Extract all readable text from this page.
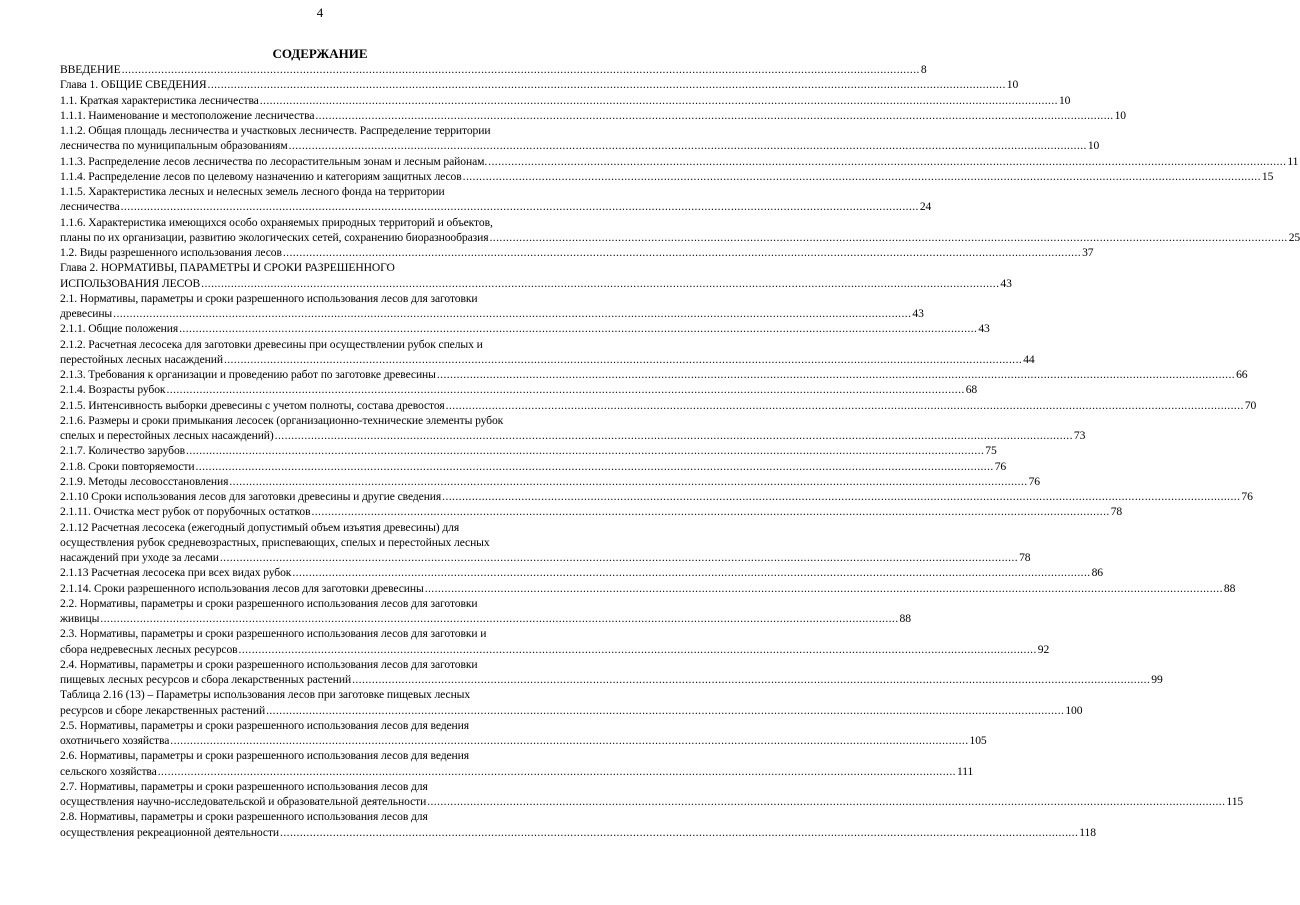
4
СОДЕРЖАНИЕ
ВВЕДЕНИЕ .....	8
Глава 1. ОБЩИЕ СВЕДЕНИЯ .....	10
1.1. Краткая характеристика лесничества .....	10
1.1.1. Наименование и местоположение лесничества .....	10
1.1.2. Общая площадь лесничества и участковых лесничеств. Распределение территории
лесничества по муниципальным образованиям .....	10
1.1.3. Распределение лесов лесничества по лесорастительным зонам и лесным районам. .....	11
1.1.4. Распределение лесов по целевому назначению и категориям защитных лесов .....	15
1.1.5. Характеристика лесных и нелесных земель лесного фонда на территории
лесничества .....	24
1.1.6. Характеристика имеющихся особо охраняемых природных территорий и объектов,
планы по их организации, развитию экологических сетей, сохранению биоразнообразия .....	25
1.2. Виды разрешенного использования лесов .....	37
Глава 2. НОРМАТИВЫ, ПАРАМЕТРЫ И СРОКИ РАЗРЕШЕННОГО
ИСПОЛЬЗОВАНИЯ ЛЕСОВ .....	43
2.1. Нормативы, параметры и сроки разрешенного использования лесов для заготовки
древесины .....	43
2.1.1. Общие положения .....	43
2.1.2. Расчетная лесосека для заготовки древесины при осуществлении рубок спелых и
перестойных лесных насаждений .....	44
2.1.3. Требования к организации и проведению работ по заготовке древесины .....	66
2.1.4. Возрасты рубок .....	68
2.1.5. Интенсивность выборки древесины с учетом полноты, состава древостоя .....	70
2.1.6. Размеры и сроки примыкания лесосек (организационно-технические элементы рубок
спелых и перестойных лесных насаждений) .....	73
2.1.7. Количество зарубов .....	75
2.1.8. Сроки повторяемости .....	76
2.1.9. Методы лесовосстановления .....	76
2.1.10 Сроки использования лесов для заготовки древесины и другие сведения .....	76
2.1.11. Очистка мест рубок от порубочных остатков .....	78
2.1.12 Расчетная лесосека (ежегодный допустимый объем изъятия древесины) для
осуществления рубок средневозрастных, приспевающих, спелых и перестойных лесных
насаждений при уходе за лесами .....	78
2.1.13 Расчетная лесосека при всех видах рубок .....	86
2.1.14. Сроки разрешенного использования лесов для заготовки древесины .....	88
2.2. Нормативы, параметры и сроки разрешенного использования лесов для заготовки
живицы .....	88
2.3. Нормативы, параметры и сроки разрешенного использования лесов для заготовки и
сбора недревесных лесных ресурсов .....	92
2.4. Нормативы, параметры и сроки разрешенного использования лесов для заготовки
пищевых лесных ресурсов и сбора лекарственных растений .....	99
Таблица 2.16 (13) – Параметры использования лесов при заготовке пищевых лесных
ресурсов и сборе лекарственных растений .....	100
2.5. Нормативы, параметры и сроки разрешенного использования лесов для ведения
охотничьего хозяйства .....	105
2.6. Нормативы, параметры и сроки разрешенного использования лесов для ведения
сельского хозяйства .....	111
2.7. Нормативы, параметры и сроки разрешенного использования лесов для
осуществления научно-исследовательской и образовательной деятельности .....	115
2.8. Нормативы, параметры и сроки разрешенного использования лесов для
осуществления рекреационной деятельности .....	118
